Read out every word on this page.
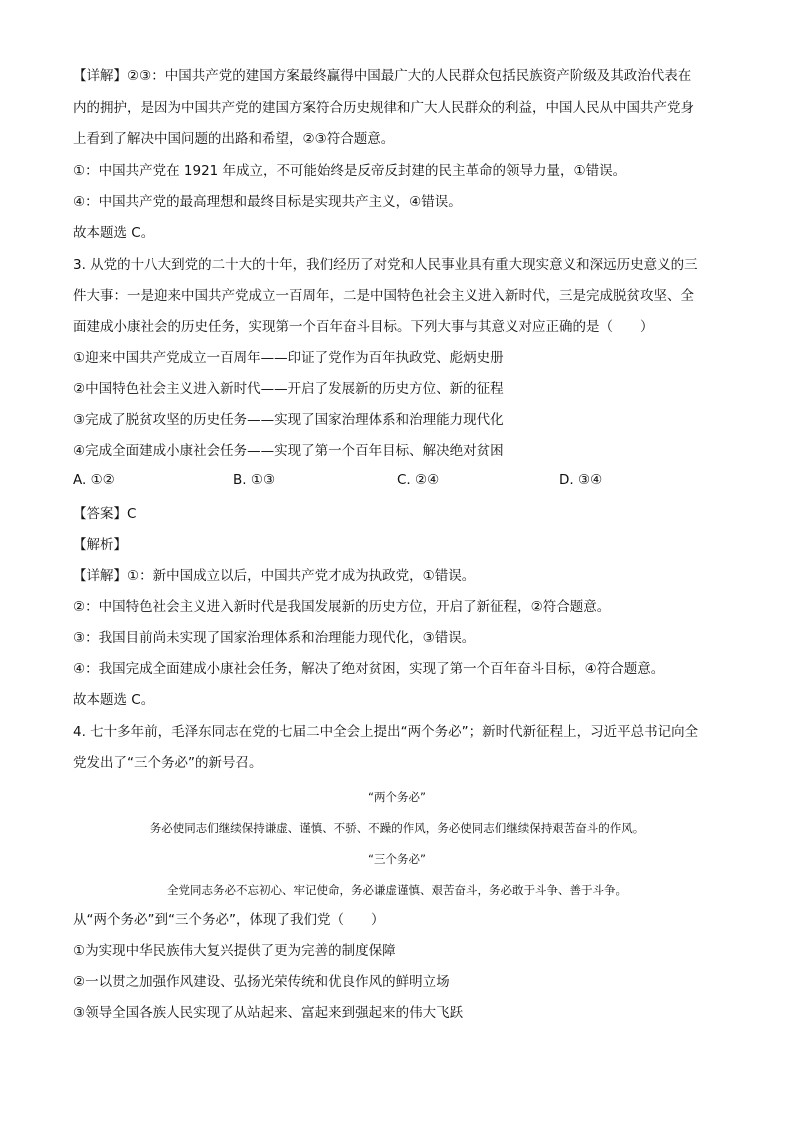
【详解】②③：中国共产党的建国方案最终赢得中国最广大的人民群众包括民族资产阶级及其政治代表在
内的拥护，是因为中国共产党的建国方案符合历史规律和广大人民群众的利益，中国人民从中国共产党身
上看到了解决中国问题的出路和希望，②③符合题意。
①：中国共产党在 1921 年成立，不可能始终是反帝反封建的民主革命的领导力量，①错误。
④：中国共产党的最高理想和最终目标是实现共产主义，④错误。
故本题选 C。
3. 从党的十八大到党的二十大的十年，我们经历了对党和人民事业具有重大现实意义和深远历史意义的三
件大事：一是迎来中国共产党成立一百周年，二是中国特色社会主义进入新时代，三是完成脱贫攻坚、全
面建成小康社会的历史任务，实现第一个百年奋斗目标。下列大事与其意义对应正确的是（　　）
①迎来中国共产党成立一百周年——印证了党作为百年执政党、彪炳史册
②中国特色社会主义进入新时代——开启了发展新的历史方位、新的征程
③完成了脱贫攻坚的历史任务——实现了国家治理体系和治理能力现代化
④完成全面建成小康社会任务——实现了第一个百年目标、解决绝对贫困
A. ①②	B. ①③	C. ②④	D. ③④
【答案】C
【解析】
【详解】①：新中国成立以后，中国共产党才成为执政党，①错误。
②：中国特色社会主义进入新时代是我国发展新的历史方位，开启了新征程，②符合题意。
③：我国目前尚未实现了国家治理体系和治理能力现代化，③错误。
④：我国完成全面建成小康社会任务，解决了绝对贫困，实现了第一个百年奋斗目标，④符合题意。
故本题选 C。
4. 七十多年前，毛泽东同志在党的七届二中全会上提出“两个务必”；新时代新征程上，习近平总书记向全
党发出了“三个务必”的新号召。
“两个务必”
务必使同志们继续保持谦虚、谨慎、不骄、不躁的作风，务必使同志们继续保持艰苦奋斗的作风。
“三个务必”
全党同志务必不忘初心、牢记使命，务必谦虚谨慎、艰苦奋斗，务必敢于斗争、善于斗争。
从“两个务必”到“三个务必”，体现了我们党（　　）
①为实现中华民族伟大复兴提供了更为完善的制度保障
②一以贯之加强作风建设、弘扬光荣传统和优良作风的鲜明立场
③领导全国各族人民实现了从站起来、富起来到强起来的伟大飞跃
